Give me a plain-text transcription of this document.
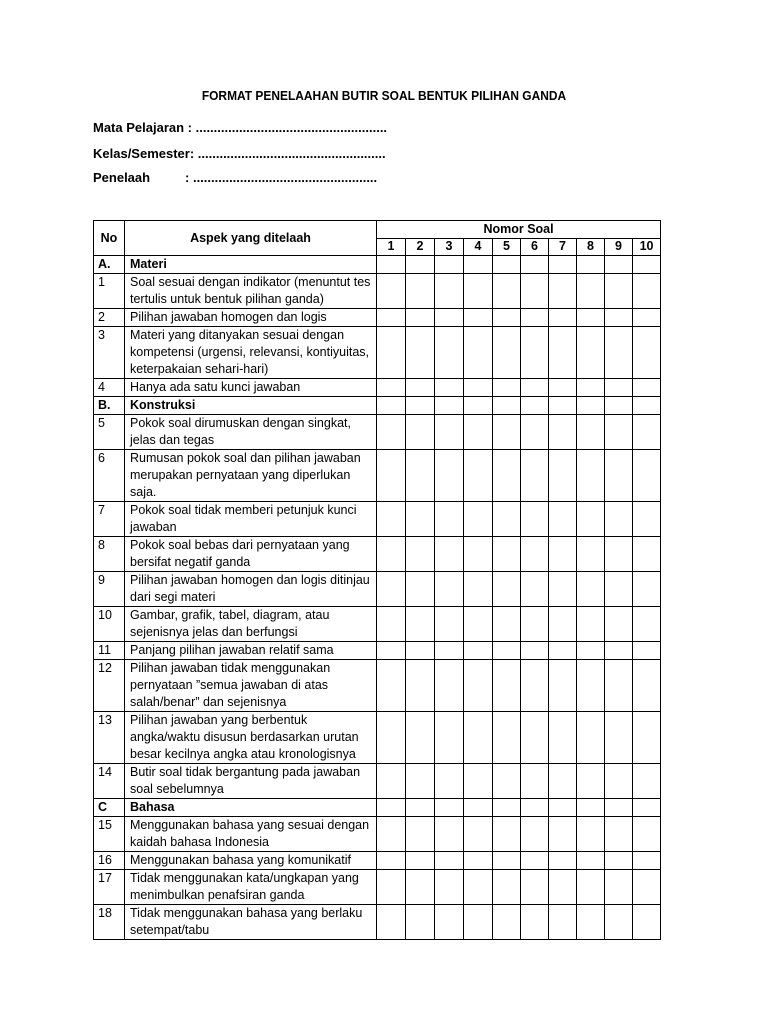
FORMAT PENELAAHAN BUTIR SOAL BENTUK PILIHAN GANDA
Mata Pelajaran : .....................................................
Kelas/Semester: ....................................................
Penelaah	: ...................................................
No	Aspek yang ditelaah	Nomor Soal									
		1	2	3	4	5	6	7	8	9	10
A.	Materi										
1	Soal sesuai dengan indikator (menuntut tes tertulis untuk bentuk pilihan ganda)										
2	Pilihan jawaban homogen dan logis										
3	Materi yang ditanyakan sesuai dengan kompetensi (urgensi, relevansi, kontiyuitas, keterpakaian sehari-hari)										
4	Hanya ada satu kunci jawaban										
B.	Konstruksi										
5	Pokok soal dirumuskan dengan singkat, jelas dan tegas										
6	Rumusan pokok soal dan pilihan jawaban merupakan pernyataan yang diperlukan saja.										
7	Pokok soal tidak memberi petunjuk kunci jawaban										
8	Pokok soal bebas dari pernyataan yang bersifat negatif ganda										
9	Pilihan jawaban homogen dan logis ditinjau dari segi materi										
10	Gambar, grafik, tabel, diagram, atau sejenisnya jelas dan berfungsi										
11	Panjang pilihan jawaban relatif sama										
12	Pilihan jawaban tidak menggunakan pernyataan ”semua jawaban di atas salah/benar” dan sejenisnya										
13	Pilihan jawaban yang berbentuk angka/waktu disusun berdasarkan urutan besar kecilnya angka atau kronologisnya										
14	Butir soal tidak bergantung pada jawaban soal sebelumnya										
C	Bahasa										
15	Menggunakan bahasa yang sesuai dengan kaidah bahasa Indonesia										
16	Menggunakan bahasa yang komunikatif										
17	Tidak menggunakan kata/ungkapan yang menimbulkan penafsiran ganda										
18	Tidak menggunakan bahasa yang berlaku setempat/tabu										
